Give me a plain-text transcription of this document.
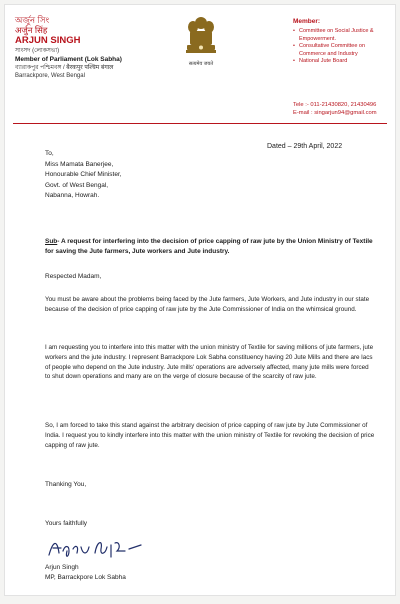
অর্জুন সিং
अर्जुन सिंह
ARJUN SINGH
সাংসদ (লোকসভা)
Member of Parliament (Lok Sabha)
ব্যারাকপুর পশ্চিমবঙ্গ / बैरकपुर पश्चिम बंगाल
Barrackpore, West Bengal
सत्यमेव जयते
Member:
• Committee on Social Justice & Empowerment.
• Consultative Committee on Commerce and Industry
• National Jute Board
Tele :- 011-21430820, 21430496
E-mail : singarjun94@gmail.com
Dated – 29th April, 2022
To,
Miss Mamata Banerjee,
Honourable Chief Minister,
Govt. of West Bengal,
Nabanna, Howrah.
Sub- A request for interfering into the decision of price capping of raw jute by the Union Ministry of Textile for saving the Jute farmers, Jute workers and Jute industry.
Respected Madam,
You must be aware about the problems being faced by the Jute farmers, Jute Workers, and Jute industry in our state because of the decision of price capping of raw jute by the Jute Commissioner of India on the whimsical ground.
I am requesting you to interfere into this matter with the union ministry of Textile for saving millions of jute farmers, jute workers and the jute industry. I represent Barrackpore Lok Sabha constituency having 20 Jute Mills and there are lacs of people who depend on the Jute industry. Jute mills' operations are adversely affected, many jute mills were forced to shut down operations and many are on the verge of closure because of the scarcity of raw jute.
So, I am forced to take this stand against the arbitrary decision of price capping of raw jute by Jute Commissioner of India. I request you to kindly interfere into this matter with the union ministry of Textile for revoking the decision of price capping of raw jute.
Thanking You,
Yours faithfully
Arjun Singh
MP, Barrackpore Lok Sabha
